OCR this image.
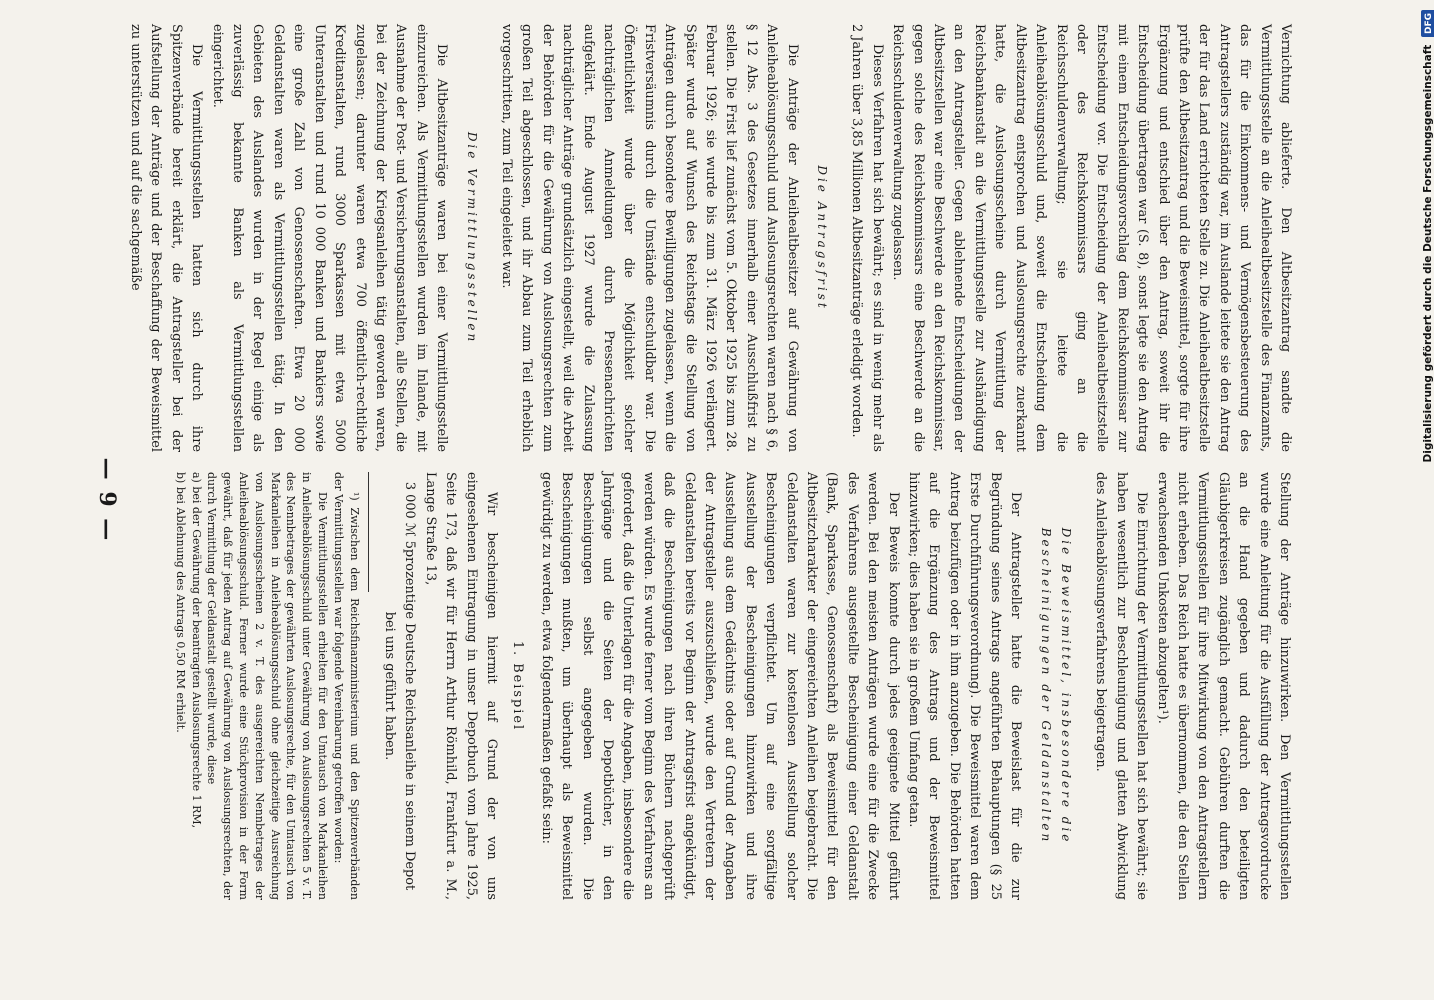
— 9 —

Vernichtung ablieferte. Den Altbesitzantrag sandte die Vermittlungsstelle an die Anleihealtbesitzstelle des Finanzamts, das für die Einkommens- und Vermögensbesteuerung des Antragstellers zuständig war, im Auslande leitete sie den Antrag der für das Land errichteten Stelle zu. Die Anleihealtbesitzstelle prüfte den Altbesitzantrag und die Beweismittel, sorgte für ihre Ergänzung und entschied über den Antrag, soweit ihr die Entscheidung übertragen war (S. 8), sonst legte sie den Antrag mit einem Entscheidungsvorschlag dem Reichskommissar zur Entscheidung vor. Die Entscheidung der Anleihealtbesitzstelle oder des Reichskommissars ging an die Reichsschuldenverwaltung; sie leitete die Anleiheablösungsschuld und, soweit die Entscheidung dem Altbesitzantrag entsprochen und Auslosungsrechte zuerkannt hatte, die Auslosungsscheine durch Vermittlung der Reichsbankanstalt an die Vermittlungsstelle zur Aushändigung an den Antragsteller. Gegen ablehnende Entscheidungen der Altbesitzstellen war eine Beschwerde an den Reichskommissar, gegen solche des Reichskommissars eine Beschwerde an die Reichsschuldenverwaltung zugelassen.

Dieses Verfahren hat sich bewährt; es sind in wenig mehr als 2 Jahren über 3,85 Millionen Altbesitzanträge erledigt worden.

Die Antragsfrist

Die Anträge der Anleihealtbesitzer auf Gewährung von Anleiheablösungsschuld und Auslosungsrechten waren nach § 6, § 12 Abs. 3 des Gesetzes innerhalb einer Ausschlußfrist zu stellen. Die Frist lief zunächst vom 5. Oktober 1925 bis zum 28. Februar 1926; sie wurde bis zum 31. März 1926 verlängert. Später wurde auf Wunsch des Reichstags die Stellung von Anträgen durch besondere Bewilligungen zugelassen, wenn die Fristversäumnis durch die Umstände entschuldbar war. Die Öffentlichkeit wurde über die Möglichkeit solcher nachträglichen Anmeldungen durch Pressenachrichten aufgeklärt. Ende August 1927 wurde die Zulassung nachträglicher Anträge grundsätzlich eingestellt, weil die Arbeit der Behörden für die Gewährung von Auslosungsrechten zum großen Teil abgeschlossen, und ihr Abbau zum Teil erheblich vorgeschritten, zum Teil eingeleitet war.

Die Vermittlungsstellen

Die Altbesitzanträge waren bei einer Vermittlungsstelle einzureichen. Als Vermittlungsstellen wurden im Inlande, mit Ausnahme der Post- und Versicherungsanstalten, alle Stellen, die bei der Zeichnung der Kriegsanleihen tätig geworden waren, zugelassen; darunter waren etwa 700 öffentlich-rechtliche Kreditanstalten, rund 3000 Sparkassen mit etwa 5000 Unteranstalten und rund 10 000 Banken und Bankiers sowie eine große Zahl von Genossenschaften. Etwa 20 000 Geldanstalten waren als Vermittlungsstellen tätig. In den Gebieten des Auslandes wurden in der Regel einige als zuverlässig bekannte Banken als Vermittlungsstellen eingerichtet.

Die Vermittlungsstellen hatten sich durch ihre Spitzenverbände bereit erklärt, die Antragsteller bei der Aufstellung der Anträge und der Beschaffung der Beweismittel zu unterstützen und auf die sachgemäße

Stellung der Anträge hinzuwirken. Den Vermittlungsstellen wurde eine Anleitung für die Ausfüllung der Antragsvordrucke an die Hand gegeben und dadurch den beteiligten Gläubigerkreisen zugänglich gemacht. Gebühren durften die Vermittlungsstellen für ihre Mitwirkung von den Antragstellern nicht erheben. Das Reich hatte es übernommen, die den Stellen erwachsenden Unkosten abzugelten¹).

Die Einrichtung der Vermittlungsstellen hat sich bewährt; sie haben wesentlich zur Beschleunigung und glatten Abwicklung des Anleiheablösungsverfahrens beigetragen.

Die Beweismittel, insbesondere die Bescheinigungen der Geldanstalten

Der Antragsteller hatte die Beweislast für die zur Begründung seines Antrags angeführten Behauptungen (§ 25 Erste Durchführungsverordnung). Die Beweismittel waren dem Antrag beizufügen oder in ihm anzugeben. Die Behörden hatten auf die Ergänzung des Antrags und der Beweismittel hinzuwirken; dies haben sie in großem Umfang getan.

Der Beweis konnte durch jedes geeignete Mittel geführt werden. Bei den meisten Anträgen wurde eine für die Zwecke des Verfahrens ausgestellte Bescheinigung einer Geldanstalt (Bank, Sparkasse, Genossenschaft) als Beweismittel für den Altbesitzcharakter der eingereichten Anleihen beigebracht. Die Geldanstalten waren zur kostenlosen Ausstellung solcher Bescheinigungen verpflichtet. Um auf eine sorgfältige Ausstellung der Bescheinigungen hinzuwirken und ihre Ausstellung aus dem Gedächtnis oder auf Grund der Angaben der Antragsteller auszuschließen, wurde den Vertretern der Geldanstalten bereits vor Beginn der Antragsfrist angekündigt, daß die Bescheinigungen nach ihren Büchern nachgeprüft werden würden. Es wurde ferner vom Beginn des Verfahrens an gefordert, daß die Unterlagen für die Angaben, insbesondere die Jahrgänge und die Seiten der Depotbücher, in den Bescheinigungen selbst angegeben wurden. Die Bescheinigungen mußten, um überhaupt als Beweismittel gewürdigt zu werden, etwa folgendermaßen gefaßt sein:

1. Beispiel

Wir bescheinigen hiermit auf Grund der von uns eingesehenen Eintragung in unser Depotbuch vom Jahre 1925, Seite 173, daß wir für Herrn Arthur Römhild, Frankfurt a. M., Lange Straße 13,

3 000 ℳ 5prozentige Deutsche Reichsanleihe in seinem Depot bei uns geführt haben.

¹) Zwischen dem Reichsfinanzministerium und den Spitzenverbänden der Vermittlungsstellen war folgende Vereinbarung getroffen worden:

Die Vermittlungsstellen erhielten für den Umtausch von Markanleihen in Anleiheablösungsschuld unter Gewährung von Auslosungsrechten 5 v. T. des Nennbetrages der gewährten Auslosungsrechte, für den Umtausch von Markanleihen in Anleiheablösungsschuld ohne gleichzeitige Ausreichung von Auslosungsscheinen 2 v. T. des ausgereichten Nennbetrages der Anleiheablösungsschuld. Ferner wurde eine Stückprovision in der Form gewährt, daß für jeden Antrag auf Gewährung von Auslosungsrechten, der durch Vermittlung der Geldanstalt gestellt wurde, diese

a) bei der Gewährung der beantragten Auslosungsrechte 1 RM,

b) bei Ablehnung des Antrags 0,50 RM erhielt.

Digitalisierung gefördert durch die Deutsche Forschungsgemeinschaft DFG
